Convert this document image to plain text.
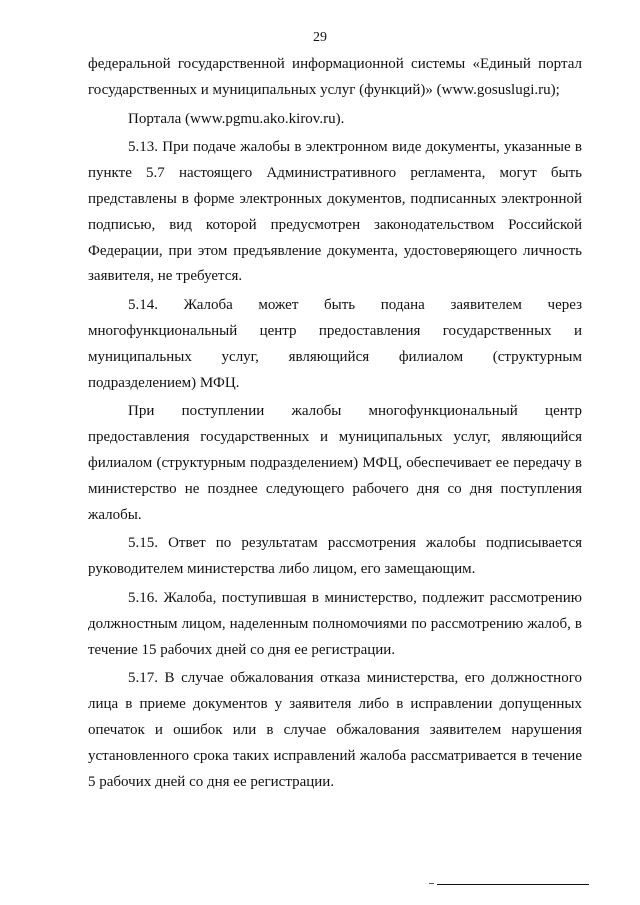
29

федеральной государственной информационной системы «Единый портал государственных и муниципальных услуг (функций)» (www.gosuslugi.ru);

Портала (www.pgmu.ako.kirov.ru).

5.13. При подаче жалобы в электронном виде документы, указанные в пункте 5.7 настоящего Административного регламента, могут быть представлены в форме электронных документов, подписанных электронной подписью, вид которой предусмотрен законодательством Российской Федерации, при этом предъявление документа, удостоверяющего личность заявителя, не требуется.

5.14. Жалоба может быть подана заявителем через многофункциональный центр предоставления государственных и муниципальных услуг, являющийся филиалом (структурным подразделением) МФЦ.

При поступлении жалобы многофункциональный центр предоставления государственных и муниципальных услуг, являющийся филиалом (структурным подразделением) МФЦ, обеспечивает ее передачу в министерство не позднее следующего рабочего дня со дня поступления жалобы.

5.15. Ответ по результатам рассмотрения жалобы подписывается руководителем министерства либо лицом, его замещающим.

5.16. Жалоба, поступившая в министерство, подлежит рассмотрению должностным лицом, наделенным полномочиями по рассмотрению жалоб, в течение 15 рабочих дней со дня ее регистрации.

5.17. В случае обжалования отказа министерства, его должностного лица в приеме документов у заявителя либо в исправлении допущенных опечаток и ошибок или в случае обжалования заявителем нарушения установленного срока таких исправлений жалоба рассматривается в течение 5 рабочих дней со дня ее регистрации.
